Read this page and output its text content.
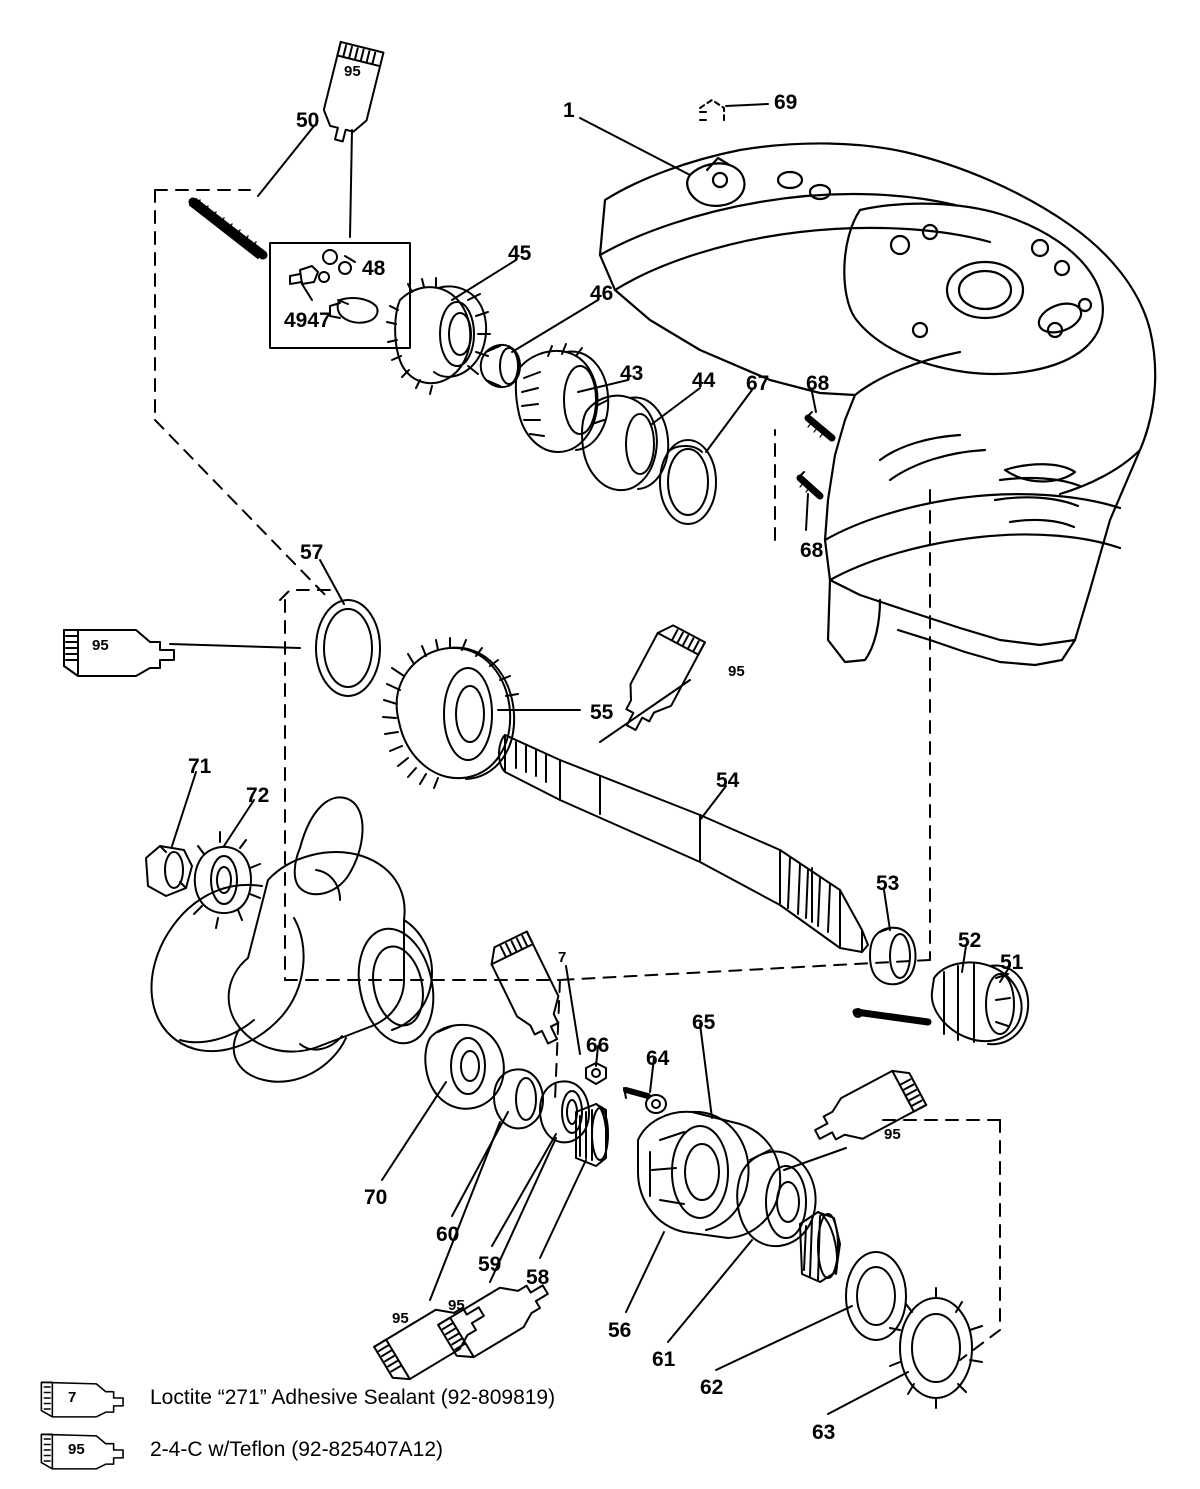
1	69
50
48
4947
45
46
43 44 67 68
68
57
55
54
53
52
51
71
72
70
60
59
58
66
64
65
56
61
62
63
95
95
95
95
7
95
95
7	Loctite “271” Adhesive Sealant (92-809819)
95	2-4-C w/Teflon (92-825407A12)
